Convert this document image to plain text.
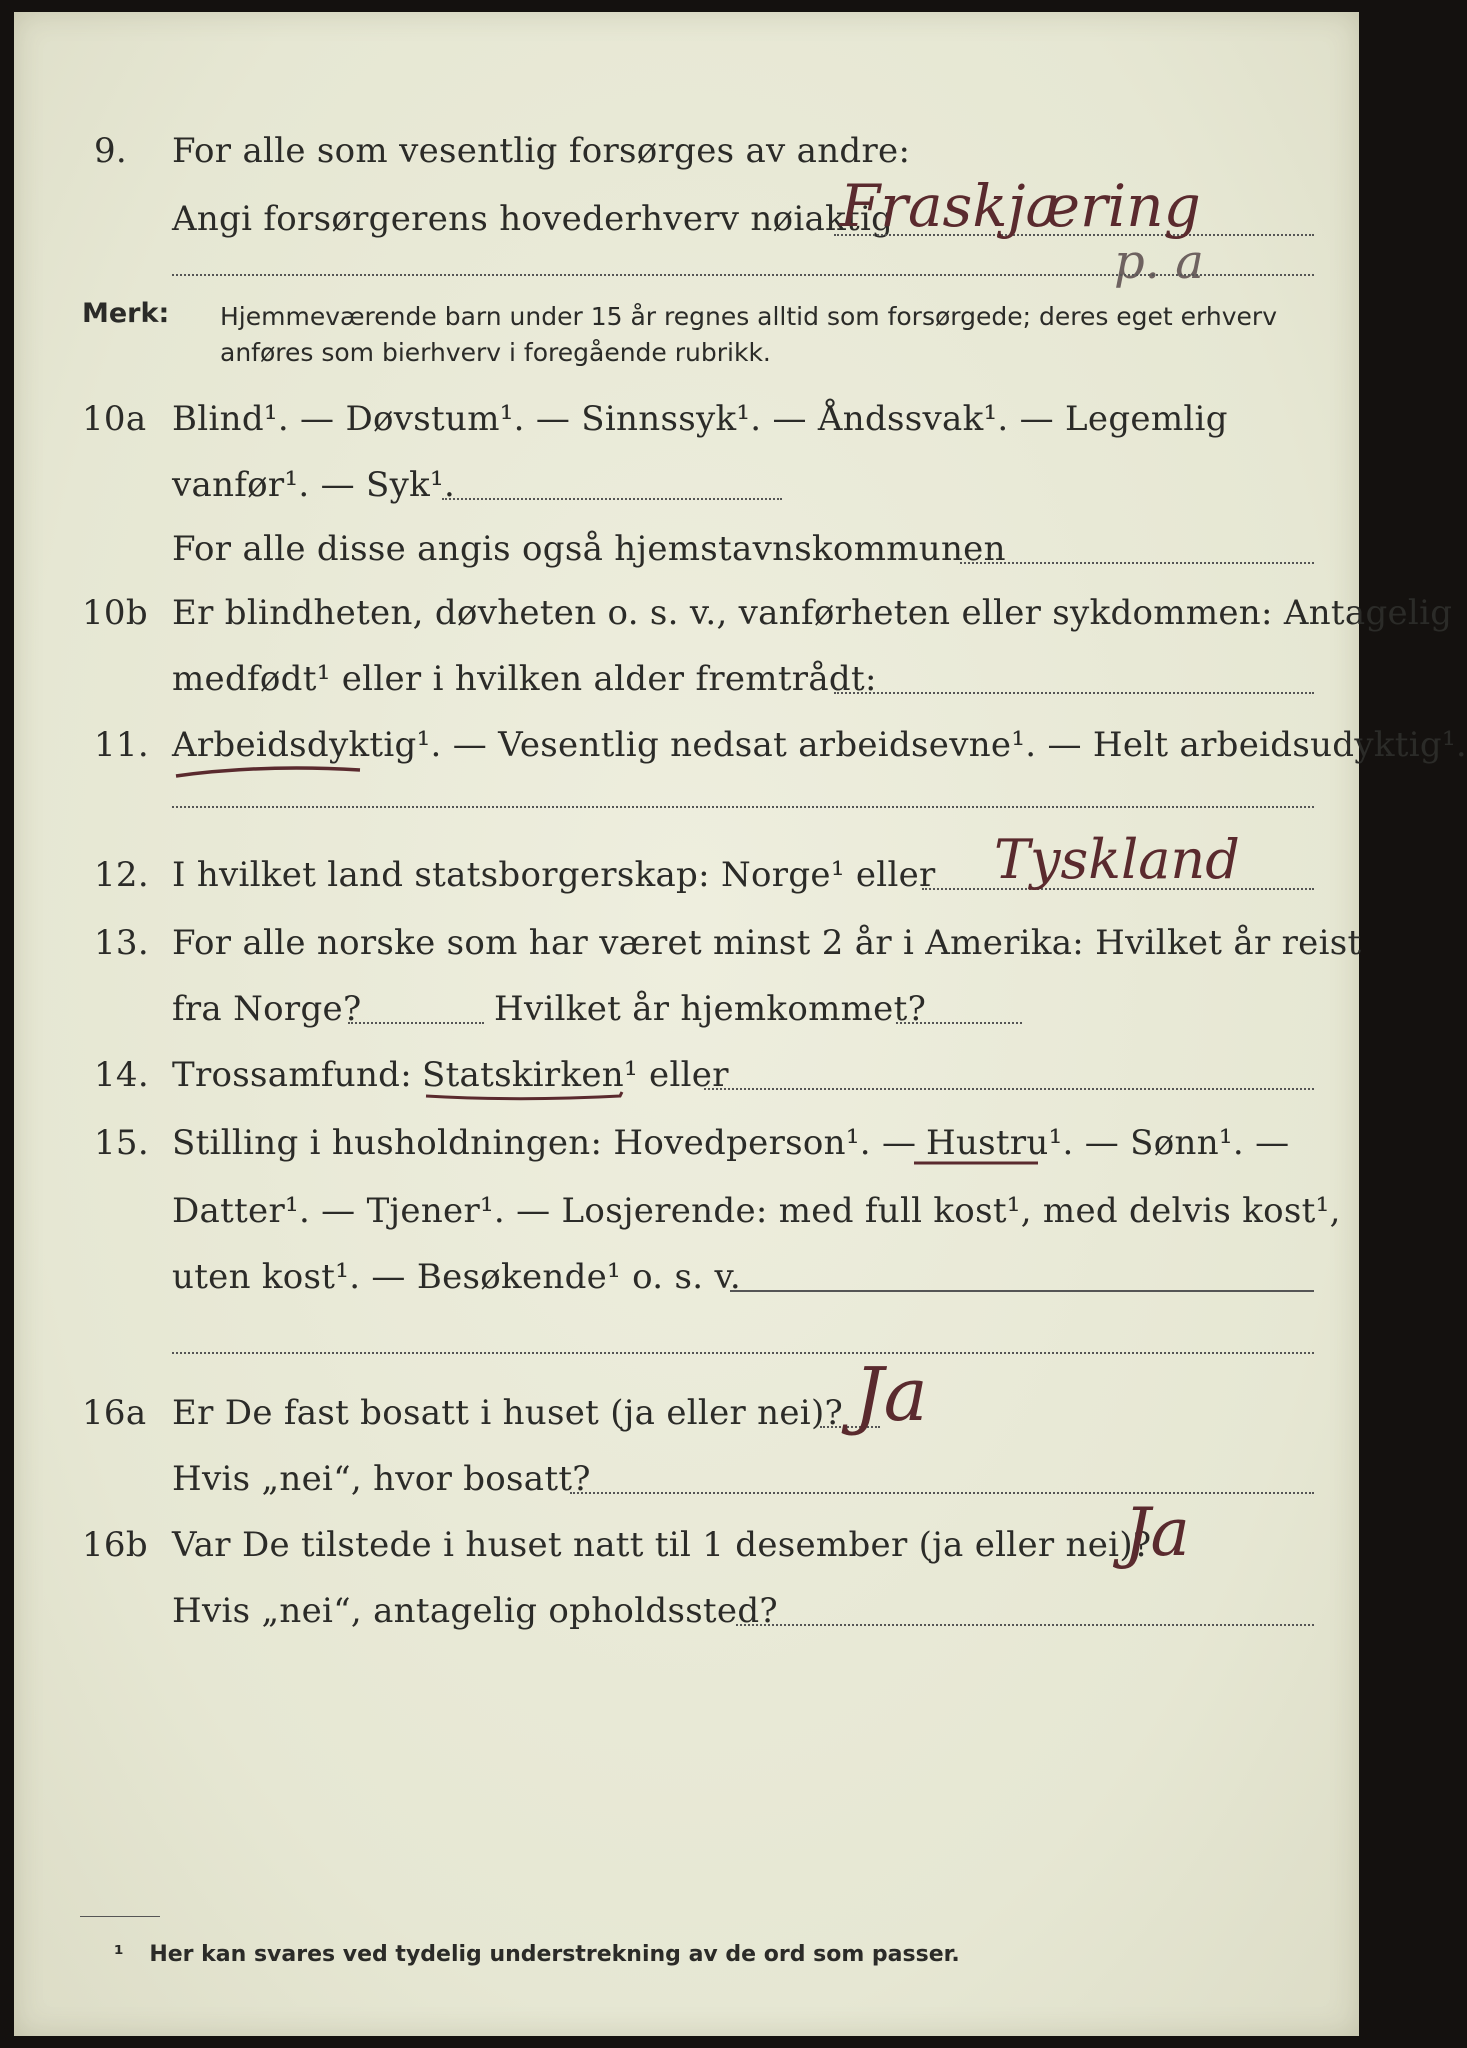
9. For alle som vesentlig forsørges av andre:
Angi forsørgerens hovederhverv nøiaktig
Fraskjæring
p. a
Merk: Hjemmeværende barn under 15 år regnes alltid som forsørgede; deres eget erhverv
anføres som bierhverv i foregående rubrikk.
10a Blind¹. — Døvstum¹. — Sinnssyk¹. — Åndssvak¹. — Legemlig
vanfør¹. — Syk¹.
For alle disse angis også hjemstavnskommunen
10b Er blindheten, døvheten o. s. v., vanførheten eller sykdommen: Antagelig
medfødt¹ eller i hvilken alder fremtrådt:
11. Arbeidsdyktig¹. — Vesentlig nedsat arbeidsevne¹. — Helt arbeidsudyktig¹.
12. I hvilket land statsborgerskap: Norge¹ eller Tyskland
13. For alle norske som har været minst 2 år i Amerika: Hvilket år reist
fra Norge?	Hvilket år hjemkommet?
14. Trossamfund: Statskirken¹ eller
15. Stilling i husholdningen: Hovedperson¹. — Hustru¹. — Sønn¹. —
Datter¹. — Tjener¹. — Losjerende: med full kost¹, med delvis kost¹,
uten kost¹. — Besøkende¹ o. s. v.
16a Er De fast bosatt i huset (ja eller nei)? Ja
Hvis „nei“, hvor bosatt?
16b Var De tilstede i huset natt til 1 desember (ja eller nei)?
Ja
Hvis „nei“, antagelig opholdssted?
¹ Her kan svares ved tydelig understrekning av de ord som passer.
